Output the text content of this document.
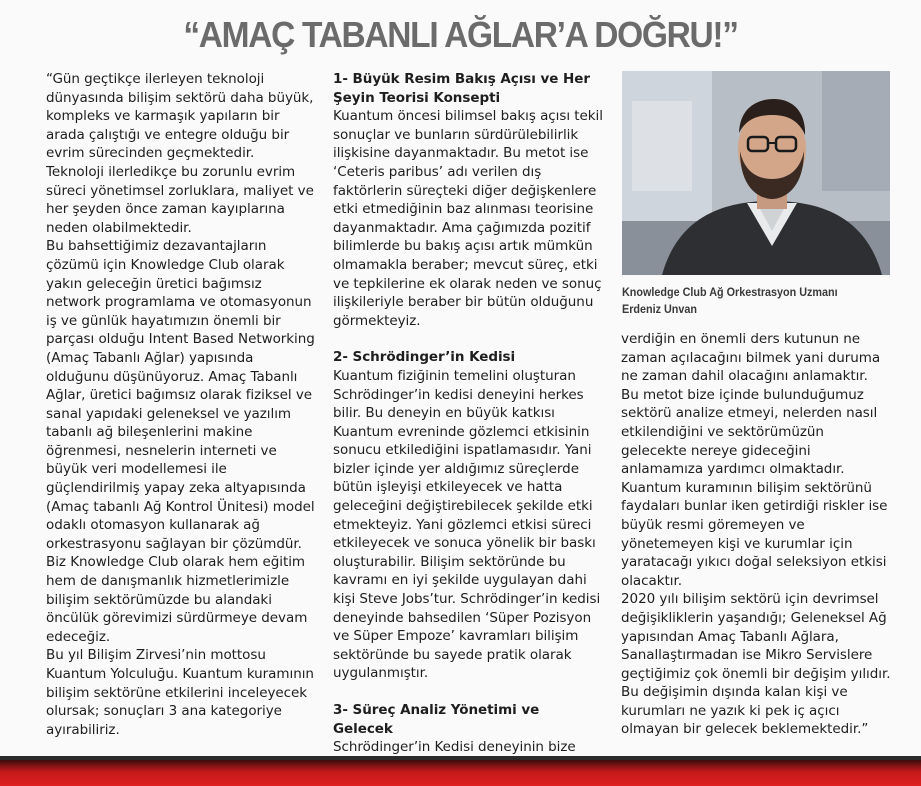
“AMAÇ TABANLI AĞLAR’A DOĞRU!”

“Gün geçtikçe ilerleyen teknoloji dünyasında bilişim sektörü daha büyük, kompleks ve karmaşık yapıların bir arada çalıştığı ve entegre olduğu bir evrim sürecinden geçmektedir. Teknoloji ilerledikçe bu zorunlu evrim süreci yönetimsel zorluklara, maliyet ve her şeyden önce zaman kayıplarına neden olabilmektedir.

Bu bahsettiğimiz dezavantajların çözümü için Knowledge Club olarak yakın geleceğin üretici bağımsız network programlama ve otomasyonun iş ve günlük hayatımızın önemli bir parçası olduğu Intent Based Networking (Amaç Tabanlı Ağlar) yapısında olduğunu düşünüyoruz. Amaç Tabanlı Ağlar, üretici bağımsız olarak fiziksel ve sanal yapıdaki geleneksel ve yazılım tabanlı ağ bileşenlerini makine öğrenmesi, nesnelerin interneti ve büyük veri modellemesi ile güçlendirilmiş yapay zeka altyapısında (Amaç tabanlı Ağ Kontrol Ünitesi) model odaklı otomasyon kullanarak ağ orkestrasyonu sağlayan bir çözümdür. Biz Knowledge Club olarak hem eğitim hem de danışmanlık hizmetlerimizle bilişim sektörümüzde bu alandaki öncülük görevimizi sürdürmeye devam edeceğiz.

Bu yıl Bilişim Zirvesi’nin mottosu Kuantum Yolculuğu. Kuantum kuramının bilişim sektörüne etkilerini inceleyecek olursak; sonuçları 3 ana kategoriye ayırabiliriz.

1- Büyük Resim Bakış Açısı ve Her Şeyin Teorisi Konsepti

Kuantum öncesi bilimsel bakış açısı tekil sonuçlar ve bunların sürdürülebilirlik ilişkisine dayanmaktadır. Bu metot ise ‘Ceteris paribus’ adı verilen dış faktörlerin süreçteki diğer değişkenlere etki etmediğinin baz alınması teorisine dayanmaktadır. Ama çağımızda pozitif bilimlerde bu bakış açısı artık mümkün olmamakla beraber; mevcut süreç, etki ve tepkilerine ek olarak neden ve sonuç ilişkileriyle beraber bir bütün olduğunu görmekteyiz.

2- Schrödinger’in Kedisi

Kuantum fiziğinin temelini oluşturan Schrödinger’in kedisi deneyini herkes bilir. Bu deneyin en büyük katkısı Kuantum evreninde gözlemci etkisinin sonucu etkilediğini ispatlamasıdır. Yani bizler içinde yer aldığımız süreçlerde bütün işleyişi etkileyecek ve hatta geleceğini değiştirebilecek şekilde etki etmekteyiz. Yani gözlemci etkisi süreci etkileyecek ve sonuca yönelik bir baskı oluşturabilir. Bilişim sektöründe bu kavramı en iyi şekilde uygulayan dahi kişi Steve Jobs’tur. Schrödinger’in kedisi deneyinde bahsedilen ‘Süper Pozisyon ve Süper Empoze’ kavramları bilişim sektöründe bu sayede pratik olarak uygulanmıştır.

3- Süreç Analiz Yönetimi ve Gelecek

Schrödinger’in Kedisi deneyinin bize

Knowledge Club Ağ Orkestrasyon Uzmanı
Erdeniz Unvan

verdiğin en önemli ders kutunun ne zaman açılacağını bilmek yani duruma ne zaman dahil olacağını anlamaktır.

Bu metot bize içinde bulunduğumuz sektörü analize etmeyi, nelerden nasıl etkilendiğini ve sektörümüzün gelecekte nereye gideceğini anlamamıza yardımcı olmaktadır.

Kuantum kuramının bilişim sektörünü faydaları bunlar iken getirdiği riskler ise büyük resmi göremeyen ve yönetemeyen kişi ve kurumlar için yaratacağı yıkıcı doğal seleksiyon etkisi olacaktır.

2020 yılı bilişim sektörü için devrimsel değişikliklerin yaşandığı; Geleneksel Ağ yapısından Amaç Tabanlı Ağlara, Sanallaştırmadan ise Mikro Servislere geçtiğimiz çok önemli bir değişim yılıdır. Bu değişimin dışında kalan kişi ve kurumları ne yazık ki pek iç açıcı olmayan bir gelecek beklemektedir.”
